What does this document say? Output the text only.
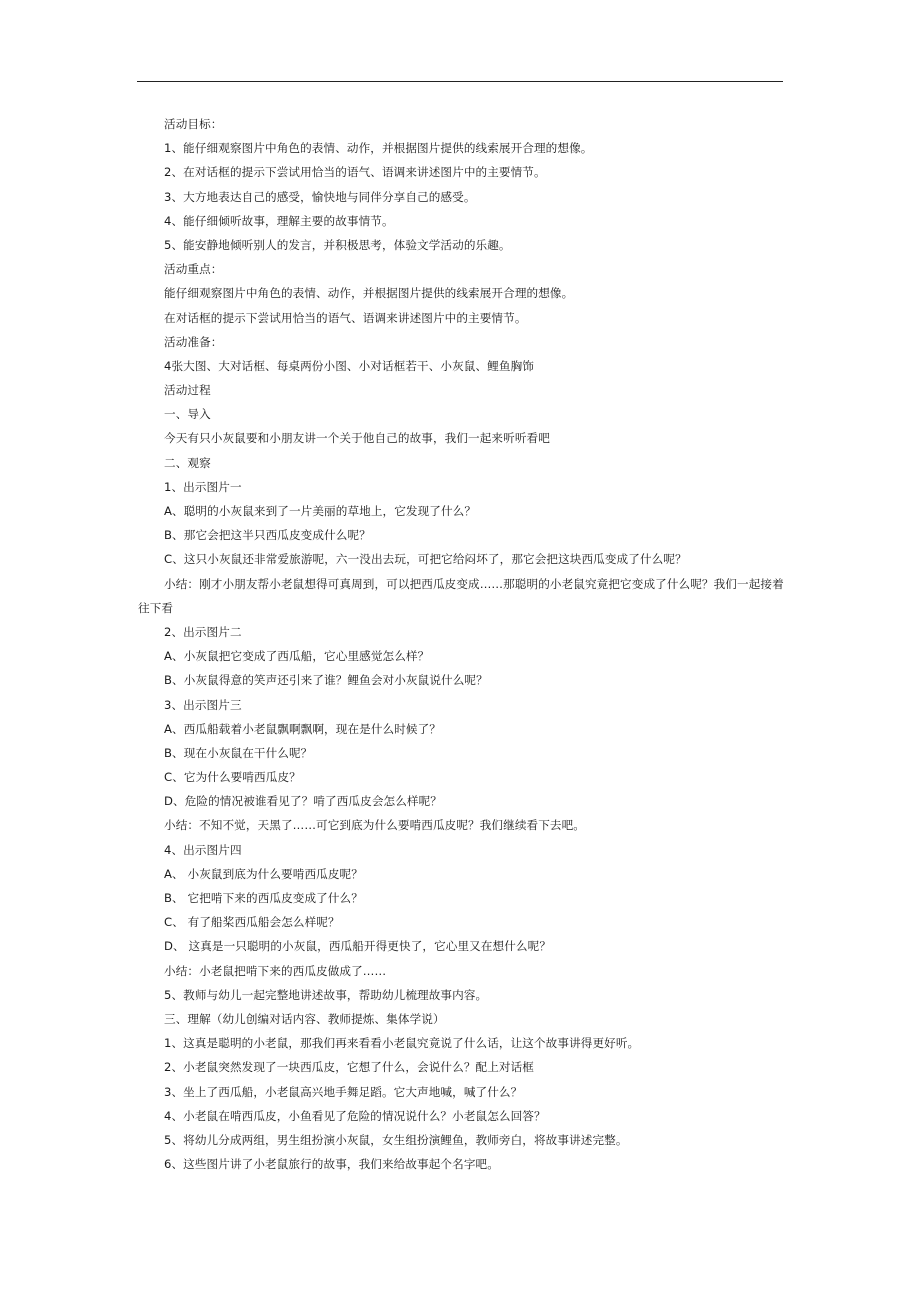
活动目标：
1、能仔细观察图片中角色的表情、动作，并根据图片提供的线索展开合理的想像。
2、在对话框的提示下尝试用恰当的语气、语调来讲述图片中的主要情节。
3、大方地表达自己的感受，愉快地与同伴分享自己的感受。
4、能仔细倾听故事，理解主要的故事情节。
5、能安静地倾听别人的发言，并积极思考，体验文学活动的乐趣。
活动重点：
能仔细观察图片中角色的表情、动作，并根据图片提供的线索展开合理的想像。
在对话框的提示下尝试用恰当的语气、语调来讲述图片中的主要情节。
活动准备：
4张大图、大对话框、每桌两份小图、小对话框若干、小灰鼠、鲤鱼胸饰
活动过程
一、导入
今天有只小灰鼠要和小朋友讲一个关于他自己的故事，我们一起来听听看吧
二、观察
1、出示图片一
A、聪明的小灰鼠来到了一片美丽的草地上，它发现了什么？
B、那它会把这半只西瓜皮变成什么呢？
C、这只小灰鼠还非常爱旅游呢，六一没出去玩，可把它给闷坏了，那它会把这块西瓜变成了什么呢？
小结：刚才小朋友帮小老鼠想得可真周到，可以把西瓜皮变成……那聪明的小老鼠究竟把它变成了什么呢？我们一起接着往下看
2、出示图片二
A、小灰鼠把它变成了西瓜船，它心里感觉怎么样？
B、小灰鼠得意的笑声还引来了谁？鲤鱼会对小灰鼠说什么呢？
3、出示图片三
A、西瓜船载着小老鼠飘啊飘啊，现在是什么时候了？
B、现在小灰鼠在干什么呢？
C、它为什么要啃西瓜皮？
D、危险的情况被谁看见了？啃了西瓜皮会怎么样呢？
小结：不知不觉，天黑了……可它到底为什么要啃西瓜皮呢？我们继续看下去吧。
4、出示图片四
A、 小灰鼠到底为什么要啃西瓜皮呢？
B、 它把啃下来的西瓜皮变成了什么？
C、 有了船桨西瓜船会怎么样呢？
D、 这真是一只聪明的小灰鼠，西瓜船开得更快了，它心里又在想什么呢？
小结：小老鼠把啃下来的西瓜皮做成了……
5、教师与幼儿一起完整地讲述故事，帮助幼儿梳理故事内容。
三、理解（幼儿创编对话内容、教师提炼、集体学说）
1、这真是聪明的小老鼠，那我们再来看看小老鼠究竟说了什么话，让这个故事讲得更好听。
2、小老鼠突然发现了一块西瓜皮，它想了什么，会说什么？配上对话框
3、坐上了西瓜船，小老鼠高兴地手舞足蹈。它大声地喊，喊了什么？
4、小老鼠在啃西瓜皮，小鱼看见了危险的情况说什么？小老鼠怎么回答？
5、将幼儿分成两组，男生组扮演小灰鼠，女生组扮演鲤鱼，教师旁白，将故事讲述完整。
6、这些图片讲了小老鼠旅行的故事，我们来给故事起个名字吧。
